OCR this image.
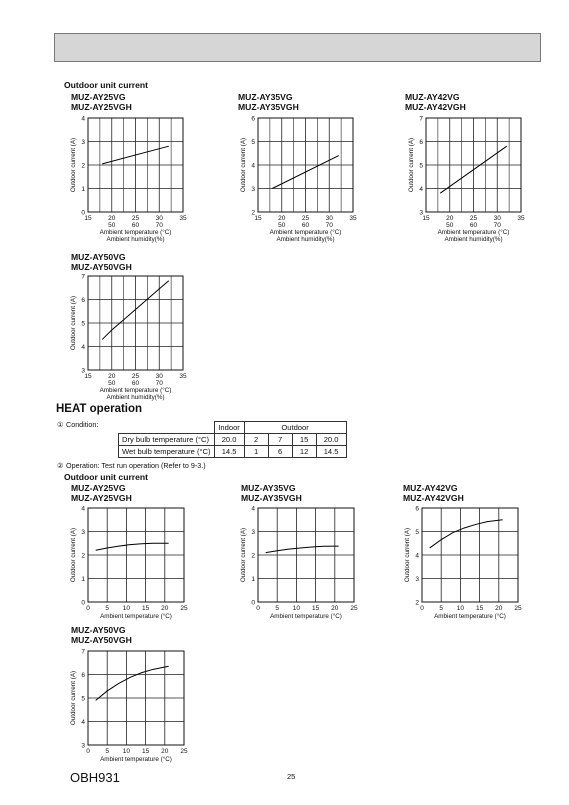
Outdoor unit current
MUZ-AY25VG
MUZ-AY25VGH
0
1
2
3
4
15	20	25	30	35
50	60	70
Ambient temperature (°C)
Ambient humidity(%)
Outdoor current (A)
MUZ-AY35VG
MUZ-AY35VGH
2
3
4
5
6
15	20	25	30	35
50	60	70
Ambient temperature (°C)
Ambient humidity(%)
Outdoor current (A)
MUZ-AY42VG
MUZ-AY42VGH
3
4
5
6
7
15	20	25	30	35
50	60	70
Ambient temperature (°C)
Ambient humidity(%)
Outdoor current (A)
MUZ-AY50VG
MUZ-AY50VGH
3
4
5
6
7
15	20	25	30	35
50	60	70
Ambient temperature (°C)
Ambient humidity(%)
Outdoor current (A)
HEAT operation
① Condition:
		Indoor	Outdoor			
Dry bulb temperature (°C)	20.0	2	7	15	20.0
Wet bulb temperature (°C)	14.5	1	6	12	14.5
② Operation: Test run operation (Refer to 9-3.)
Outdoor unit current
MUZ-AY25VG
MUZ-AY25VGH
0
1
2
3
4
0 5 10 15 20 25
Ambient temperature (°C)
Outdoor current (A)
MUZ-AY35VG
MUZ-AY35VGH
0
1
2
3
4
0 5 10 15 20 25
Ambient temperature (°C)
Outdoor current (A)
MUZ-AY42VG
MUZ-AY42VGH
2
3
4
5
6
0 5 10 15 20 25
Ambient temperature (°C)
Outdoor current (A)
MUZ-AY50VG
MUZ-AY50VGH
3
4
5
6
7
0 5 10 15 20 25
Ambient temperature (°C)
Outdoor current (A)
OBH931	25
